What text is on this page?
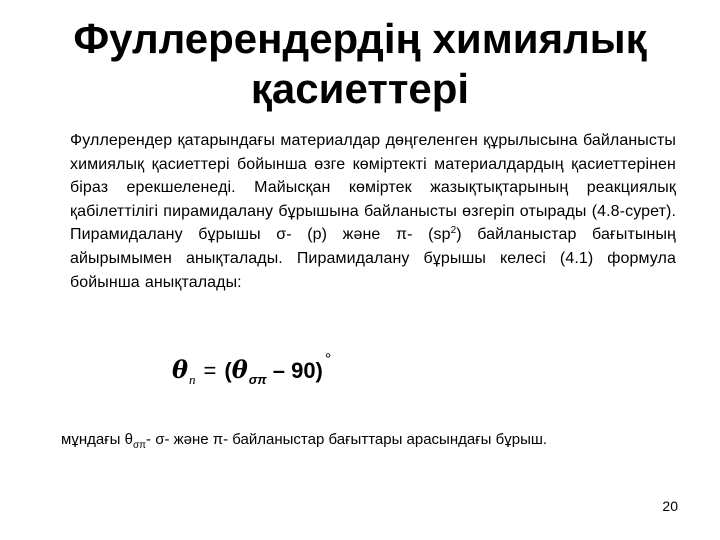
Фуллерендердің химиялық
қасиеттері
Фуллерендер қатарындағы материалдар дөңгеленген құрылысына байланысты химиялық қасиеттері бойынша өзге көміртекті материалдардың қасиеттерінен біраз ерекшеленеді. Майысқан көміртек жазықтықтарының реакциялық қабілеттілігі пирамидалану бұрышына байланысты өзгеріп отырады (4.8-сурет). Пирамидалану бұрышы σ- (р) және π- $(sp^2)$ байланыстар бағытының айырымымен анықталады. Пирамидалану бұрышы келесі (4.1) формула бойынша анықталады:
$\theta_п = (\theta_{\sigma\pi} - 90)$ °
мұндағы $\theta_{\sigma\pi}-$ σ- және π- байланыстар бағыттары арасындағы бұрыш.
20
